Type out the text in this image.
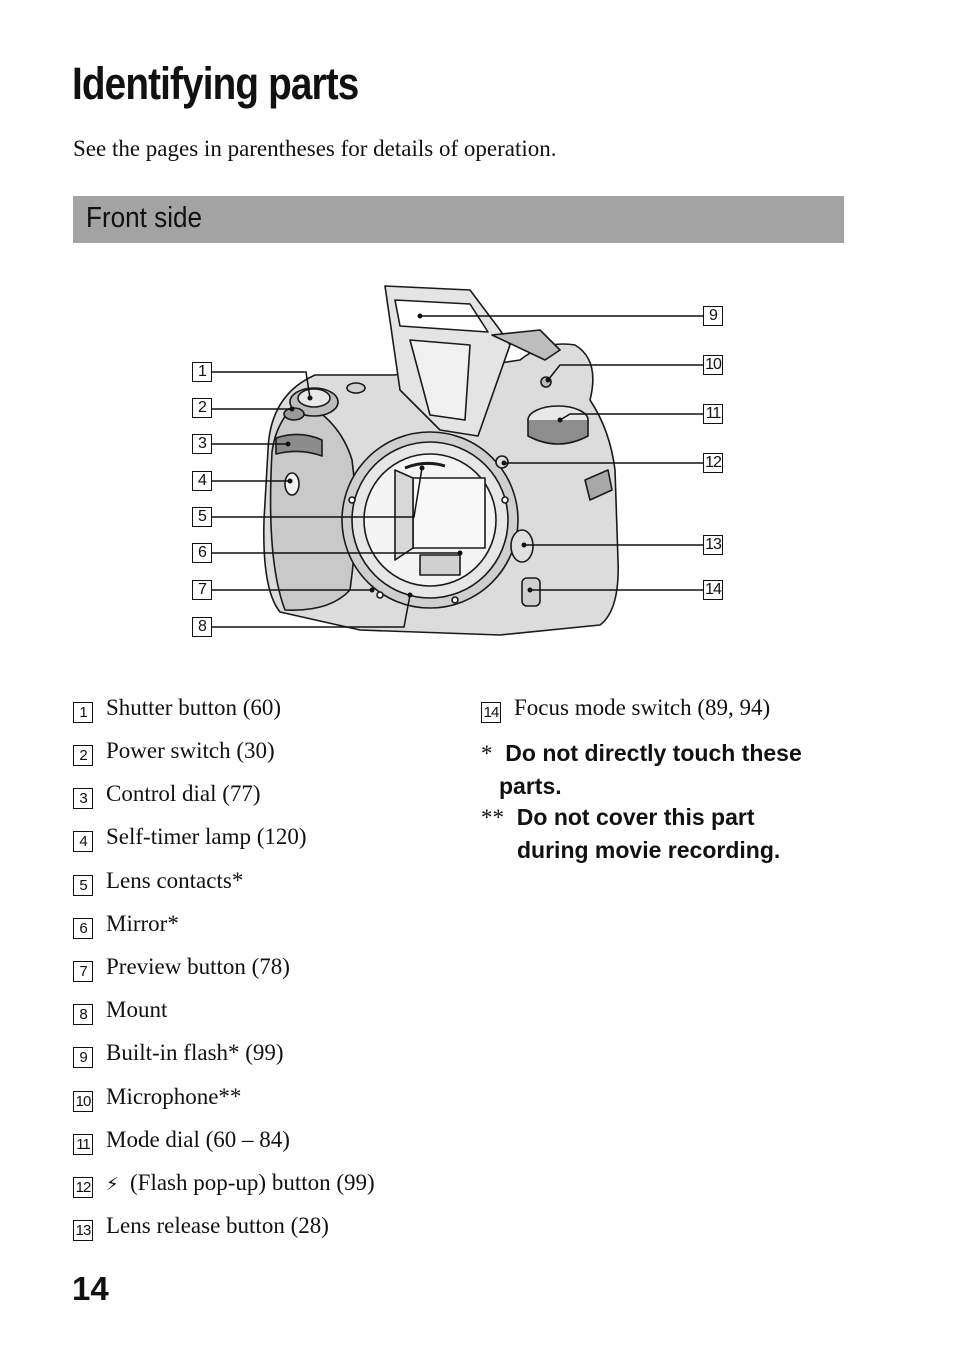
Identifying parts
See the pages in parentheses for details of operation.
Front side
1
2
3
4
5
6
7
8
9
10
11
12
13
14
1 Shutter button (60)
2 Power switch (30)
3 Control dial (77)
4 Self-timer lamp (120)
5 Lens contacts*
6 Mirror*
7 Preview button (78)
8 Mount
9 Built-in flash* (99)
10 Microphone**
11 Mode dial (60 – 84)
12 ⚡ (Flash pop-up) button (99)
13 Lens release button (28)
14 Focus mode switch (89, 94)
* Do not directly touch these
parts.
** Do not cover this part
during movie recording.
14
